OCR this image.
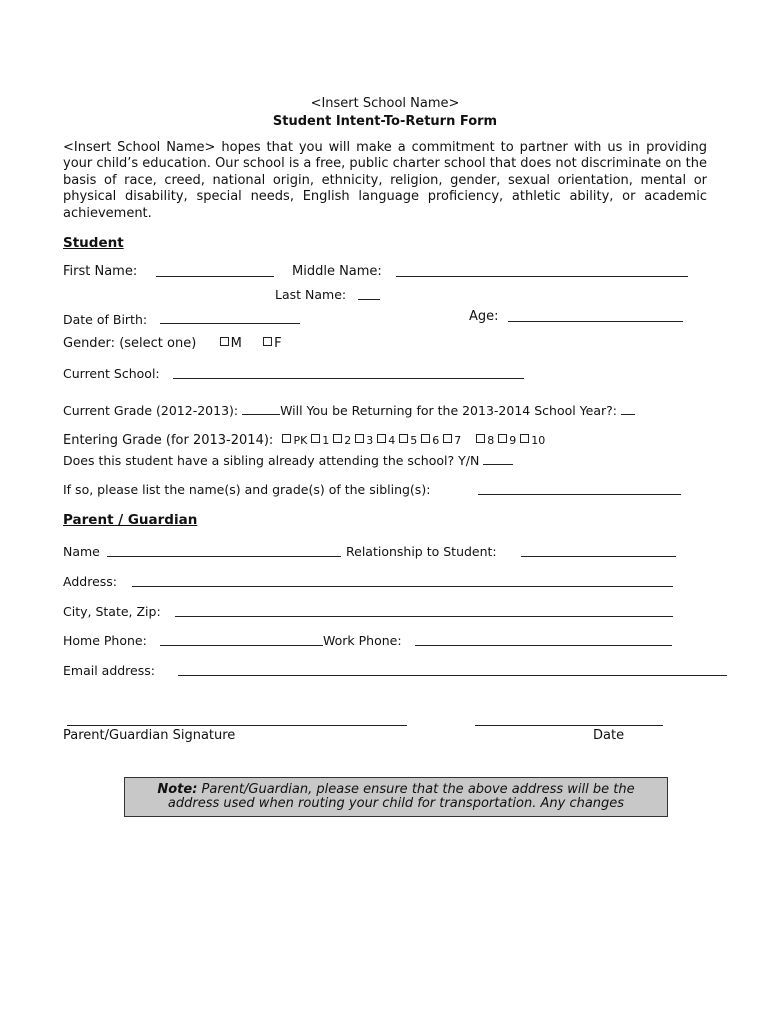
<Insert School Name>
Student Intent-To-Return Form
<Insert School Name> hopes that you will make a commitment to partner with us in providing your child’s education. Our school is a free, public charter school that does not discriminate on the basis of race, creed, national origin, ethnicity, religion, gender, sexual orientation, mental or physical disability, special needs, English language proficiency, athletic ability, or academic achievement.
Student
First Name:	Middle Name:
Last Name:
Date of Birth:	Age:
Gender: (select one)	M F
Current School:
Current Grade (2012-2013):	Will You be Returning for the 2013-2014 School Year?:
Entering Grade (for 2013-2014): PK 1 2 3 4 5 6 7 8 9 10
Does this student have a sibling already attending the school? Y/N
If so, please list the name(s) and grade(s) of the sibling(s):
Parent / Guardian
Name	Relationship to Student:
Address:
City, State, Zip:
Home Phone:	Work Phone:
Email address:
Parent/Guardian Signature	Date
Note: Parent/Guardian, please ensure that the above address will be the
address used when routing your child for transportation. Any changes
